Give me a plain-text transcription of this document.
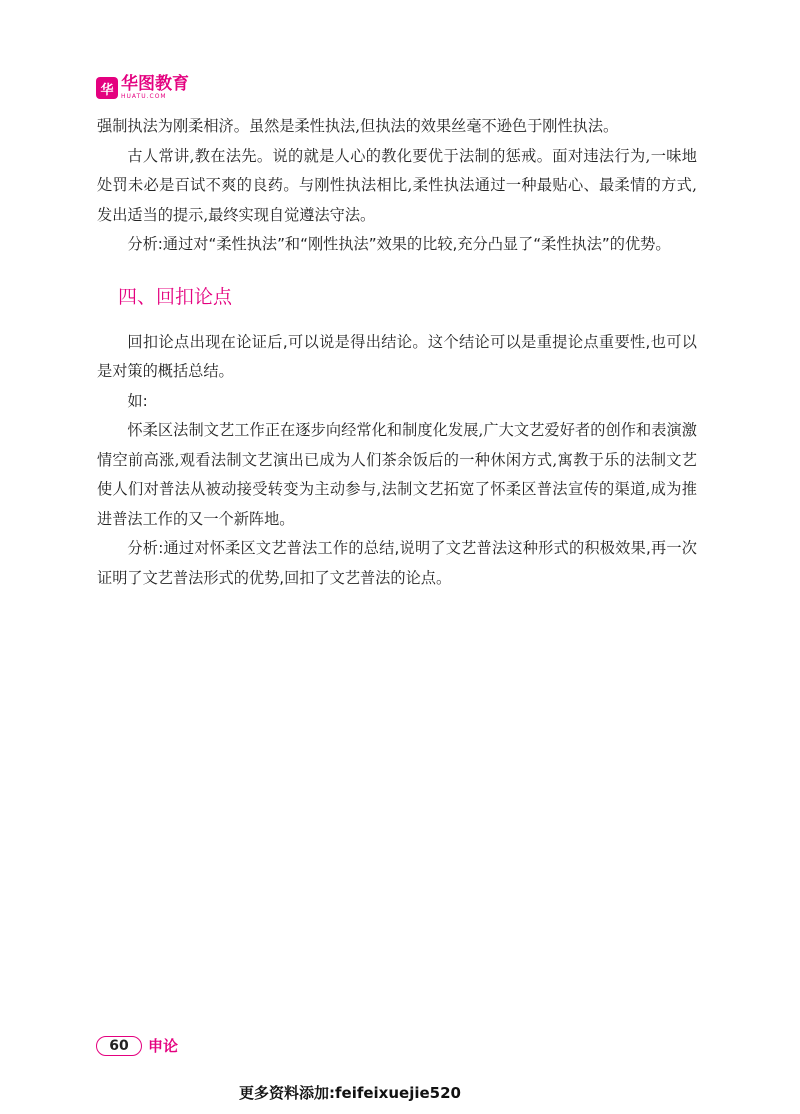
华 华图教育
HUATU.COM

强制执法为刚柔相济。虽然是柔性执法,但执法的效果丝毫不逊色于刚性执法。

古人常讲,教在法先。说的就是人心的教化要优于法制的惩戒。面对违法行为,一味地处罚未必是百试不爽的良药。与刚性执法相比,柔性执法通过一种最贴心、最柔情的方式,发出适当的提示,最终实现自觉遵法守法。

分析:通过对“柔性执法”和“刚性执法”效果的比较,充分凸显了“柔性执法”的优势。

四、回扣论点

回扣论点出现在论证后,可以说是得出结论。这个结论可以是重提论点重要性,也可以是对策的概括总结。

如:

怀柔区法制文艺工作正在逐步向经常化和制度化发展,广大文艺爱好者的创作和表演激情空前高涨,观看法制文艺演出已成为人们茶余饭后的一种休闲方式,寓教于乐的法制文艺使人们对普法从被动接受转变为主动参与,法制文艺拓宽了怀柔区普法宣传的渠道,成为推进普法工作的又一个新阵地。

分析:通过对怀柔区文艺普法工作的总结,说明了文艺普法这种形式的积极效果,再一次证明了文艺普法形式的优势,回扣了文艺普法的论点。

60	申论
更多资料添加:feifeixuejie520
